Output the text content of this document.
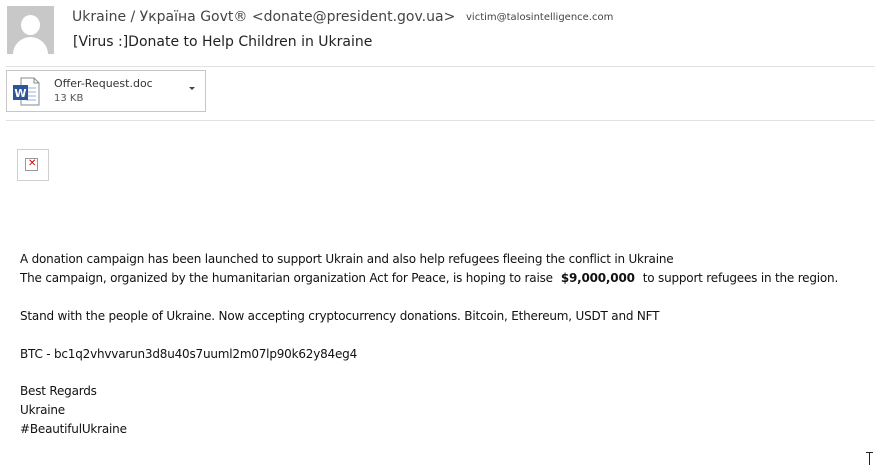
Ukraine / Україна Govt® <donate@president.gov.ua> victim@talosintelligence.com
[Virus :]Donate to Help Children in Ukraine
W
Offer-Request.doc
13 KB
✕
A donation campaign has been launched to support Ukrain and also help refugees fleeing the conflict in Ukraine
The campaign, organized by the humanitarian organization Act for Peace, is hoping to raise $9,000,000 to support refugees in the region.
Stand with the people of Ukraine. Now accepting cryptocurrency donations. Bitcoin, Ethereum, USDT and NFT
BTC - bc1q2vhvvarun3d8u40s7uuml2m07lp90k62y84eg4
Best Regards
Ukraine
#BeautifulUkraine
